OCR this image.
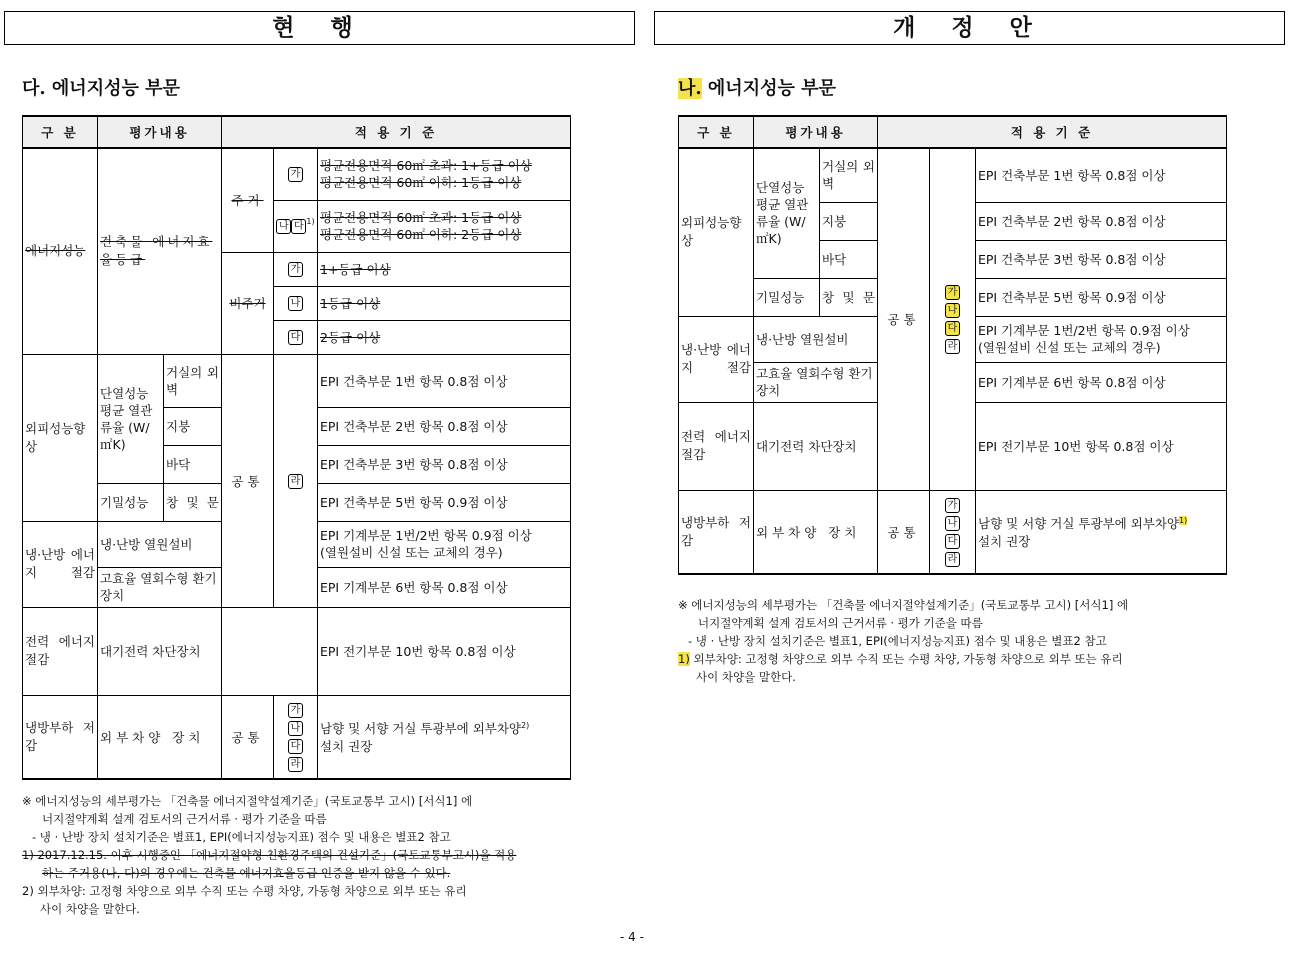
현 행	개 정 안
다. 에너지성능 부문	나. 에너지성능 부문
구 분	평가내용		적 용 기 준		

에너지성능	건축물 에너지효율등급		주거	가	평균전용면적 60㎡ 초과: 1+등급 이상
평균전용면적 60㎡ 이하: 1등급 이상

				나 다 $^{1)}$	평균전용면적 60㎡ 초과: 1등급 이상
평균전용면적 60㎡ 이하: 2등급 이상

			비주거	가	1+등급 이상
				나	1등급 이상
				다	2등급 이상

외피성능향상	단열성능 평균 열관류율 (W/㎡K)	거실의 외벽	공통	라	EPI 건축부문 1번 항목 0.8점 이상
		지붕			EPI 건축부문 2번 항목 0.8점 이상
		바닥			EPI 건축부문 3번 항목 0.8점 이상
	기밀성능	창 및 문			EPI 건축부문 5번 항목 0.9점 이상

냉·난방 에너지 절감	냉·난방 열원설비				EPI 기계부문 1번/2번 항목 0.9점 이상
(열원설비 신설 또는 교체의 경우)

	고효율 열회수형 환기장치				EPI 기계부문 6번 항목 0.8점 이상

전력 에너지 절감	대기전력 차단장치				EPI 전기부문 10번 항목 0.8점 이상

냉방부하 저감	외부차양 장치		공통	가
나
다
라	남향 및 서향 거실 투광부에 외부차양$^{2)}$
설치 권장
※ 에너지성능의 세부평가는 「건축물 에너지절약설계기준」(국토교통부 고시) [서식1] 에
너지절약계획 설계 검토서의 근거서류 · 평가 기준을 따름
- 냉 · 난방 장치 설치기준은 별표1, EPI(에너지성능지표) 점수 및 내용은 별표2 참고
1) 2017.12.15. 이후 시행중인 「에너지절약형 친환경주택의 건설기준」(국토교통부고시)을 적용
하는 주거용(나, 다)의 경우에는 건축물 에너지효율등급 인증을 받지 않을 수 있다.
2) 외부차양: 고정형 차양으로 외부 수직 또는 수평 차양, 가동형 차양으로 외부 또는 유리
사이 차양을 말한다.
구 분	평가내용		적 용 기 준		

외피성능향상	단열성능 평균 열관류율 (W/㎡K)	거실의 외벽	공통	가
나
다
라	EPI 건축부문 1번 항목 0.8점 이상
		지붕			EPI 건축부문 2번 항목 0.8점 이상
		바닥			EPI 건축부문 3번 항목 0.8점 이상
	기밀성능	창 및 문			EPI 건축부문 5번 항목 0.9점 이상

냉·난방 에너지 절감	냉·난방 열원설비				EPI 기계부문 1번/2번 항목 0.9점 이상
(열원설비 신설 또는 교체의 경우)

	고효율 열회수형 환기장치				EPI 기계부문 6번 항목 0.8점 이상

전력 에너지 절감	대기전력 차단장치				EPI 전기부문 10번 항목 0.8점 이상

냉방부하 저감	외부차양 장치		공통	가
나
다
라	남향 및 서향 거실 투광부에 외부차양$^{1)}$
설치 권장
※ 에너지성능의 세부평가는 「건축물 에너지절약설계기준」(국토교통부 고시) [서식1] 에
너지절약계획 설계 검토서의 근거서류 · 평가 기준을 따름
- 냉 · 난방 장치 설치기준은 별표1, EPI(에너지성능지표) 점수 및 내용은 별표2 참고
1) 외부차양: 고정형 차양으로 외부 수직 또는 수평 차양, 가동형 차양으로 외부 또는 유리
사이 차양을 말한다.
- 4 -
